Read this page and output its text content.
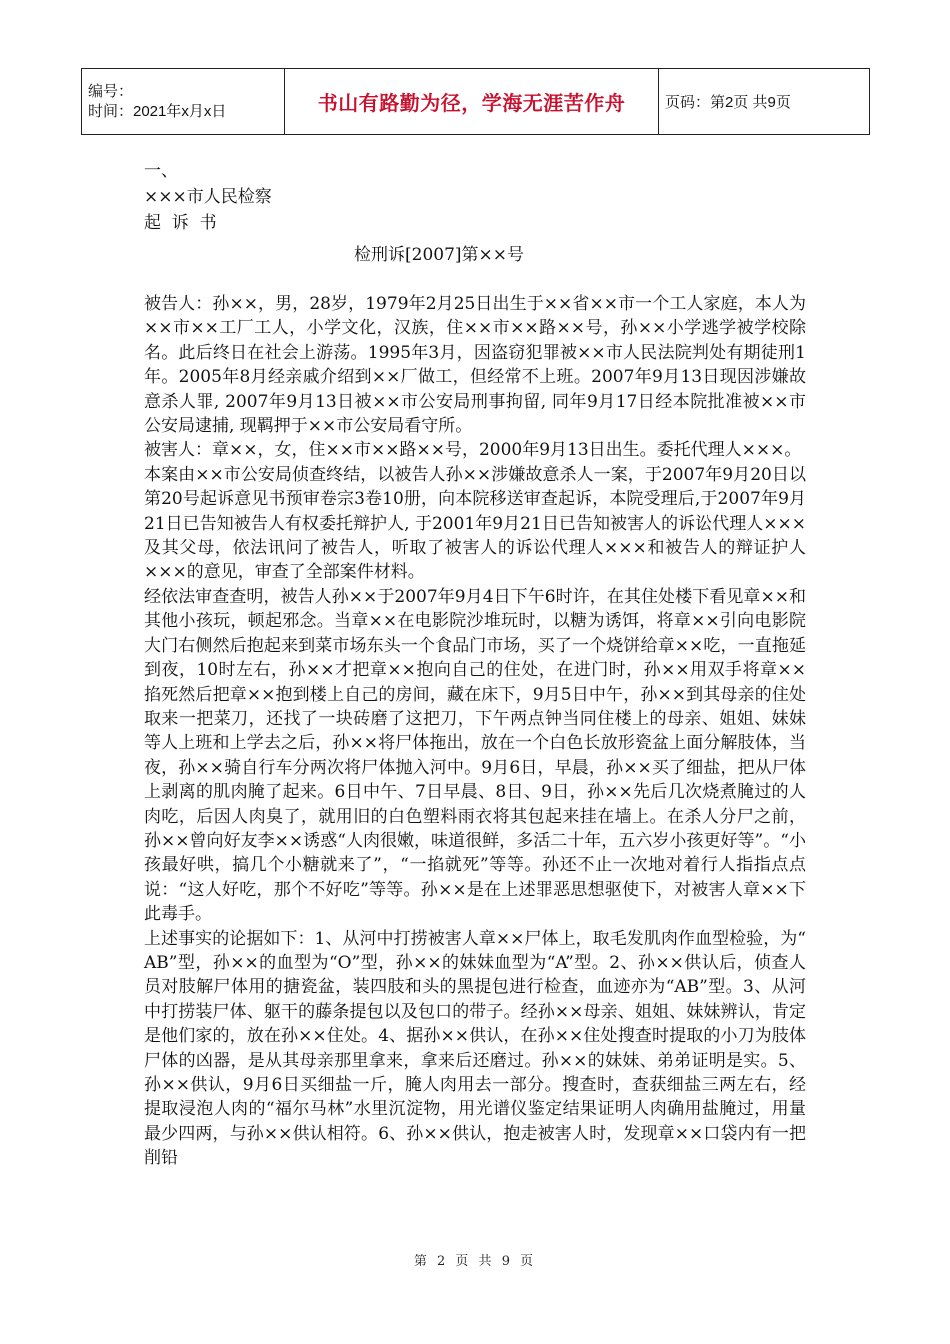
编号：
时间：2021年x月x日	书山有路勤为径，学海无涯苦作舟	页码：第2页 共9页

一、

×××市人民检察

起  诉  书

检刑诉[2007]第××号

被告人：孙××，男，28岁，1979年2月25日出生于××省××市一个工人家庭，本人为××市××工厂工人，小学文化，汉族，住××市××路××号，孙××小学逃学被学校除名。此后终日在社会上游荡。1995年3月，因盗窃犯罪被××市人民法院判处有期徒刑1年。2005年8月经亲戚介绍到××厂做工，但经常不上班。2007年9月13日现因涉嫌故意杀人罪, 2007年9月13日被××市公安局刑事拘留, 同年9月17日经本院批准被××市公安局逮捕, 现羁押于××市公安局看守所。

被害人：章××，女，住××市××路××号，2000年9月13日出生。委托代理人×××。

本案由××市公安局侦查终结，以被告人孙××涉嫌故意杀人一案，于2007年9月20日以第20号起诉意见书预审卷宗3卷10册，向本院移送审查起诉，本院受理后,于2007年9月21日已告知被告人有权委托辩护人, 于2001年9月21日已告知被害人的诉讼代理人×××及其父母，依法讯问了被告人，听取了被害人的诉讼代理人×××和被告人的辩证护人×××的意见，审查了全部案件材料。

经依法审查查明，被告人孙××于2007年9月4日下午6时许，在其住处楼下看见章××和其他小孩玩，顿起邪念。当章××在电影院沙堆玩时，以糖为诱饵，将章××引向电影院大门右侧然后抱起来到菜市场东头一个食品门市场，买了一个烧饼给章××吃，一直拖延到夜，10时左右，孙××才把章××抱向自己的住处，在进门时，孙××用双手将章××掐死然后把章××抱到楼上自己的房间，藏在床下，9月5日中午，孙××到其母亲的住处取来一把菜刀，还找了一块砖磨了这把刀，下午两点钟当同住楼上的母亲、姐姐、妹妹等人上班和上学去之后，孙××将尸体拖出，放在一个白色长放形瓷盆上面分解肢体，当夜，孙××骑自行车分两次将尸体抛入河中。9月6日，早晨，孙××买了细盐，把从尸体上剥离的肌肉腌了起来。6日中午、7日早晨、8日、9日，孙××先后几次烧煮腌过的人肉吃，后因人肉臭了，就用旧的白色塑料雨衣将其包起来挂在墙上。在杀人分尸之前，孙××曾向好友李××诱惑“人肉很嫩，味道很鲜，多活二十年，五六岁小孩更好等”。“小孩最好哄，搞几个小糖就来了”，“一掐就死”等等。孙还不止一次地对着行人指指点点说：“这人好吃，那个不好吃”等等。孙××是在上述罪恶思想驱使下，对被害人章××下此毒手。

上述事实的论据如下：1、从河中打捞被害人章××尸体上，取毛发肌肉作血型检验，为“ AB”型，孙××的血型为“O”型，孙××的妹妹血型为“A”型。2、孙××供认后，侦查人员对肢解尸体用的搪瓷盆，装四肢和头的黑提包进行检查，血迹亦为“AB”型。3、从河中打捞装尸体、躯干的藤条提包以及包口的带子。经孙××母亲、姐姐、妹妹辨认，肯定是他们家的，放在孙××住处。4、据孙××供认，在孙××住处搜查时提取的小刀为肢体尸体的凶器，是从其母亲那里拿来，拿来后还磨过。孙××的妹妹、弟弟证明是实。5、孙××供认，9月6日买细盐一斤，腌人肉用去一部分。搜查时，查获细盐三两左右，经提取浸泡人肉的“福尔马林”水里沉淀物，用光谱仪鉴定结果证明人肉确用盐腌过，用量最少四两，与孙××供认相符。6、孙××供认，抱走被害人时，发现章××口袋内有一把削铅

第 2 页 共 9 页
